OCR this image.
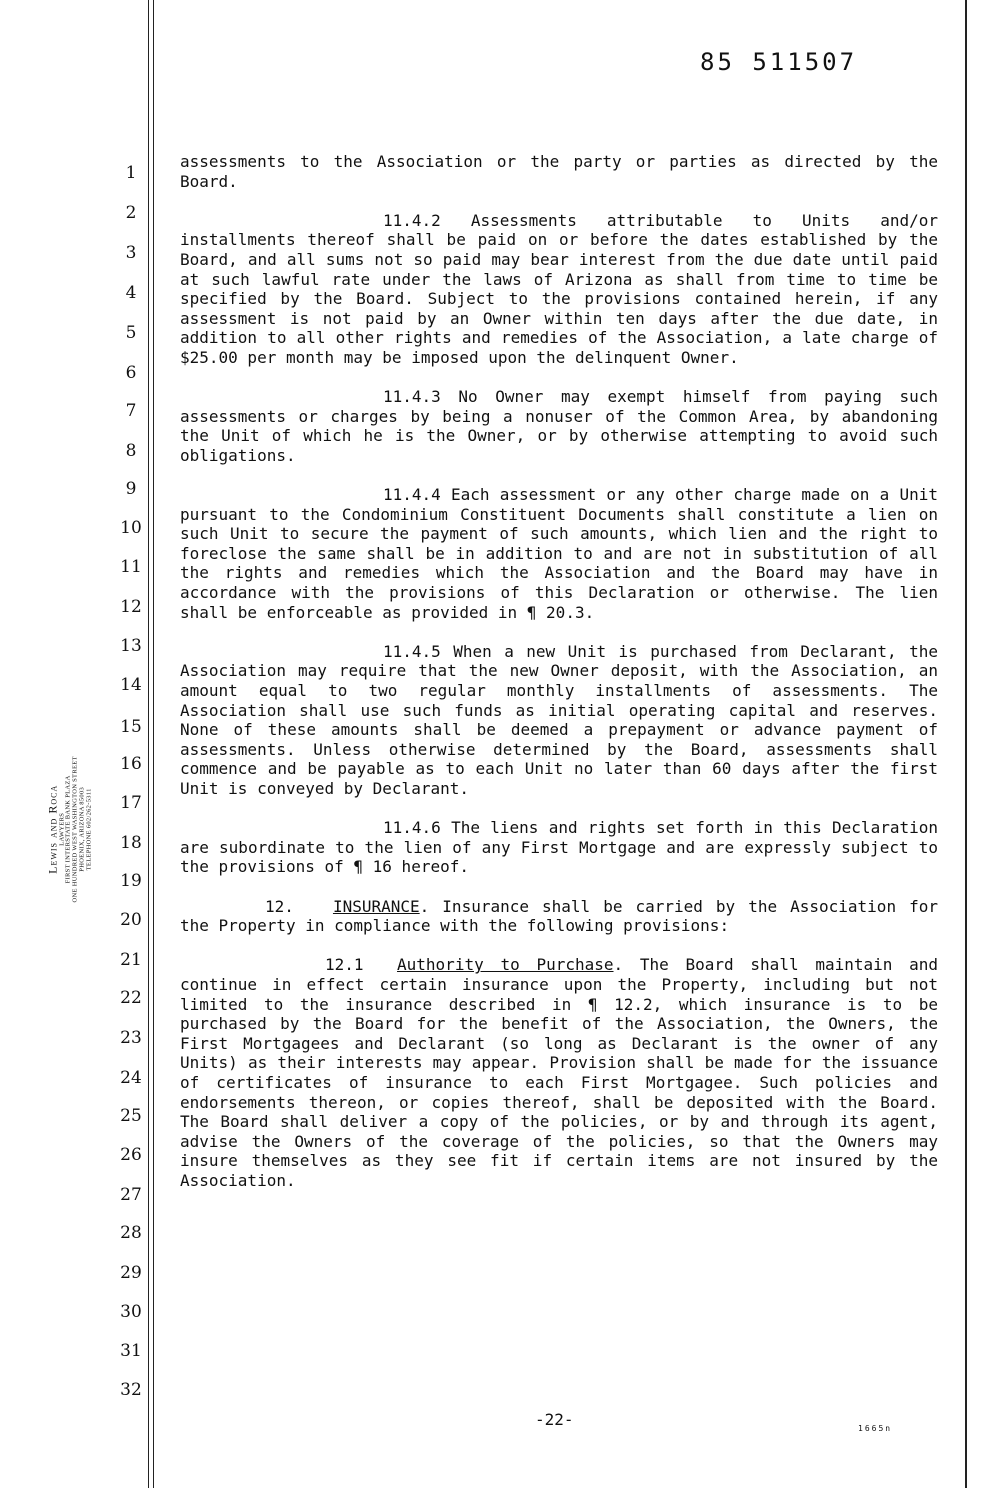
85 511507
Lewis and Roca
LAWYERS FIRST INTERSTATE BANK PLAZA ONE HUNDRED WEST WASHINGTON STREET PHOENIX, ARIZONA 85003 TELEPHONE 602/262-5311
1
2
3
4
5
6
7
8
9
10
11
12
13
14
15
16
17
18
19
20
21
22
23
24
25
26
27
28
29
30
31
32

assessments to the Association or the party or parties as directed by the Board.

11.4.2 Assessments attributable to Units and/or installments thereof shall be paid on or before the dates established by the Board, and all sums not so paid may bear interest from the due date until paid at such lawful rate under the laws of Arizona as shall from time to time be specified by the Board. Subject to the provisions contained herein, if any assessment is not paid by an Owner within ten days after the due date, in addition to all other rights and remedies of the Association, a late charge of $25.00 per month may be imposed upon the delinquent Owner.

11.4.3 No Owner may exempt himself from paying such assessments or charges by being a nonuser of the Common Area, by abandoning the Unit of which he is the Owner, or by otherwise attempting to avoid such obligations.

11.4.4 Each assessment or any other charge made on a Unit pursuant to the Condominium Constituent Documents shall constitute a lien on such Unit to secure the payment of such amounts, which lien and the right to foreclose the same shall be in addition to and are not in substitution of all the rights and remedies which the Association and the Board may have in accordance with the provisions of this Declaration or otherwise. The lien shall be enforceable as provided in ¶ 20.3.

11.4.5 When a new Unit is purchased from Declarant, the Association may require that the new Owner deposit, with the Association, an amount equal to two regular monthly installments of assessments. The Association shall use such funds as initial operating capital and reserves. None of these amounts shall be deemed a prepayment or advance payment of assessments. Unless otherwise determined by the Board, assessments shall commence and be payable as to each Unit no later than 60 days after the first Unit is conveyed by Declarant.

11.4.6 The liens and rights set forth in this Declaration are subordinate to the lien of any First Mortgage and are expressly subject to the provisions of ¶ 16 hereof.

12. INSURANCE. Insurance shall be carried by the Association for the Property in compliance with the following provisions:

12.1 Authority to Purchase. The Board shall maintain and continue in effect certain insurance upon the Property, including but not limited to the insurance described in ¶ 12.2, which insurance is to be purchased by the Board for the benefit of the Association, the Owners, the First Mortgagees and Declarant (so long as Declarant is the owner of any Units) as their interests may appear. Provision shall be made for the issuance of certificates of insurance to each First Mortgagee. Such policies and endorsements thereon, or copies thereof, shall be deposited with the Board. The Board shall deliver a copy of the policies, or by and through its agent, advise the Owners of the coverage of the policies, so that the Owners may insure themselves as they see fit if certain items are not insured by the Association.

-22-	1665n
